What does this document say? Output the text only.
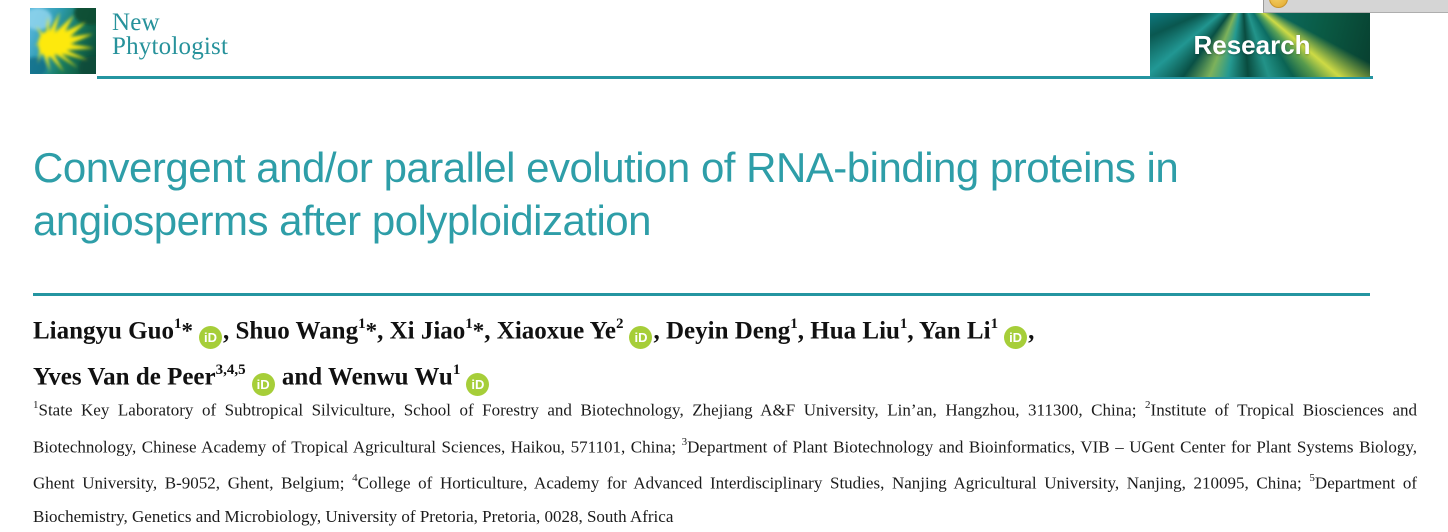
New
Phytologist	Research
Convergent and/or parallel evolution of RNA-binding proteins in
angiosperms after polyploidization
Liangyu Guo$^1$* iD , Shuo Wang$^1$*, Xi Jiao$^1$*, Xiaoxue Ye$^2$iD , Deyin Deng$^1$, Hua Liu$^1$, Yan Li$^1$iD ,
Yves Van de Peer$^{3,4,5}$iD and Wenwu Wu$^1$iD

$^1$State Key Laboratory of Subtropical Silviculture, School of Forestry and Biotechnology, Zhejiang A&F University, Lin’an, Hangzhou, 311300, China; $^2$Institute of Tropical Biosciences and Biotechnology, Chinese Academy of Tropical Agricultural Sciences, Haikou, 571101, China; $^3$Department of Plant Biotechnology and Bioinformatics, VIB – UGent Center for Plant Systems Biology, Ghent University, B-9052, Ghent, Belgium; $^4$College of Horticulture, Academy for Advanced Interdisciplinary Studies, Nanjing Agricultural University, Nanjing, 210095, China; $^5$Department of Biochemistry, Genetics and Microbiology, University of Pretoria, Pretoria, 0028, South Africa
